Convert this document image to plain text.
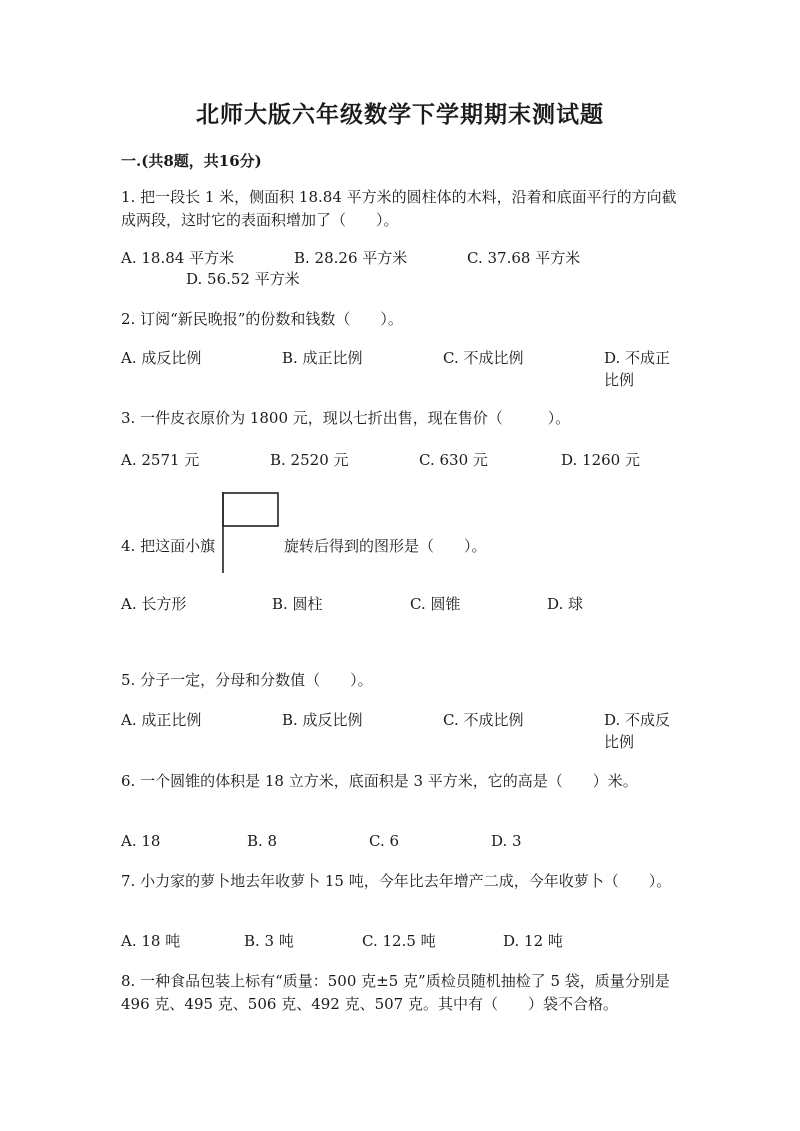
北师大版六年级数学下学期期末测试题
一.(共8题，共16分)
1. 把一段长 1 米，侧面积 18.84 平方米的圆柱体的木料，沿着和底面平行的方向截成两段，这时它的表面积增加了（　　）。
A. 18.84 平方米	B. 28.26 平方米	C. 37.68 平方米
D. 56.52 平方米
2. 订阅“新民晚报”的份数和钱数（　　）。
A. 成反比例	B. 成正比例	C. 不成比例	D. 不成正比例
3. 一件皮衣原价为 1800 元，现以七折出售，现在售价（　　　）。
A. 2571 元	B. 2520 元	C. 630 元	D. 1260 元
4. 把这面小旗	旋转后得到的图形是（　　）。
A. 长方形	B. 圆柱	C. 圆锥	D. 球
5. 分子一定，分母和分数值（　　）。
A. 成正比例	B. 成反比例	C. 不成比例	D. 不成反比例
6. 一个圆锥的体积是 18 立方米，底面积是 3 平方米，它的高是（　　）米。
A. 18	B. 8	C. 6	D. 3
7. 小力家的萝卜地去年收萝卜 15 吨，今年比去年增产二成，今年收萝卜（　　）。
A. 18 吨	B. 3 吨	C. 12.5 吨	D. 12 吨
8. 一种食品包装上标有“质量：500 克±5 克”质检员随机抽检了 5 袋，质量分别是 496 克、495 克、506 克、492 克、507 克。其中有（　　）袋不合格。
